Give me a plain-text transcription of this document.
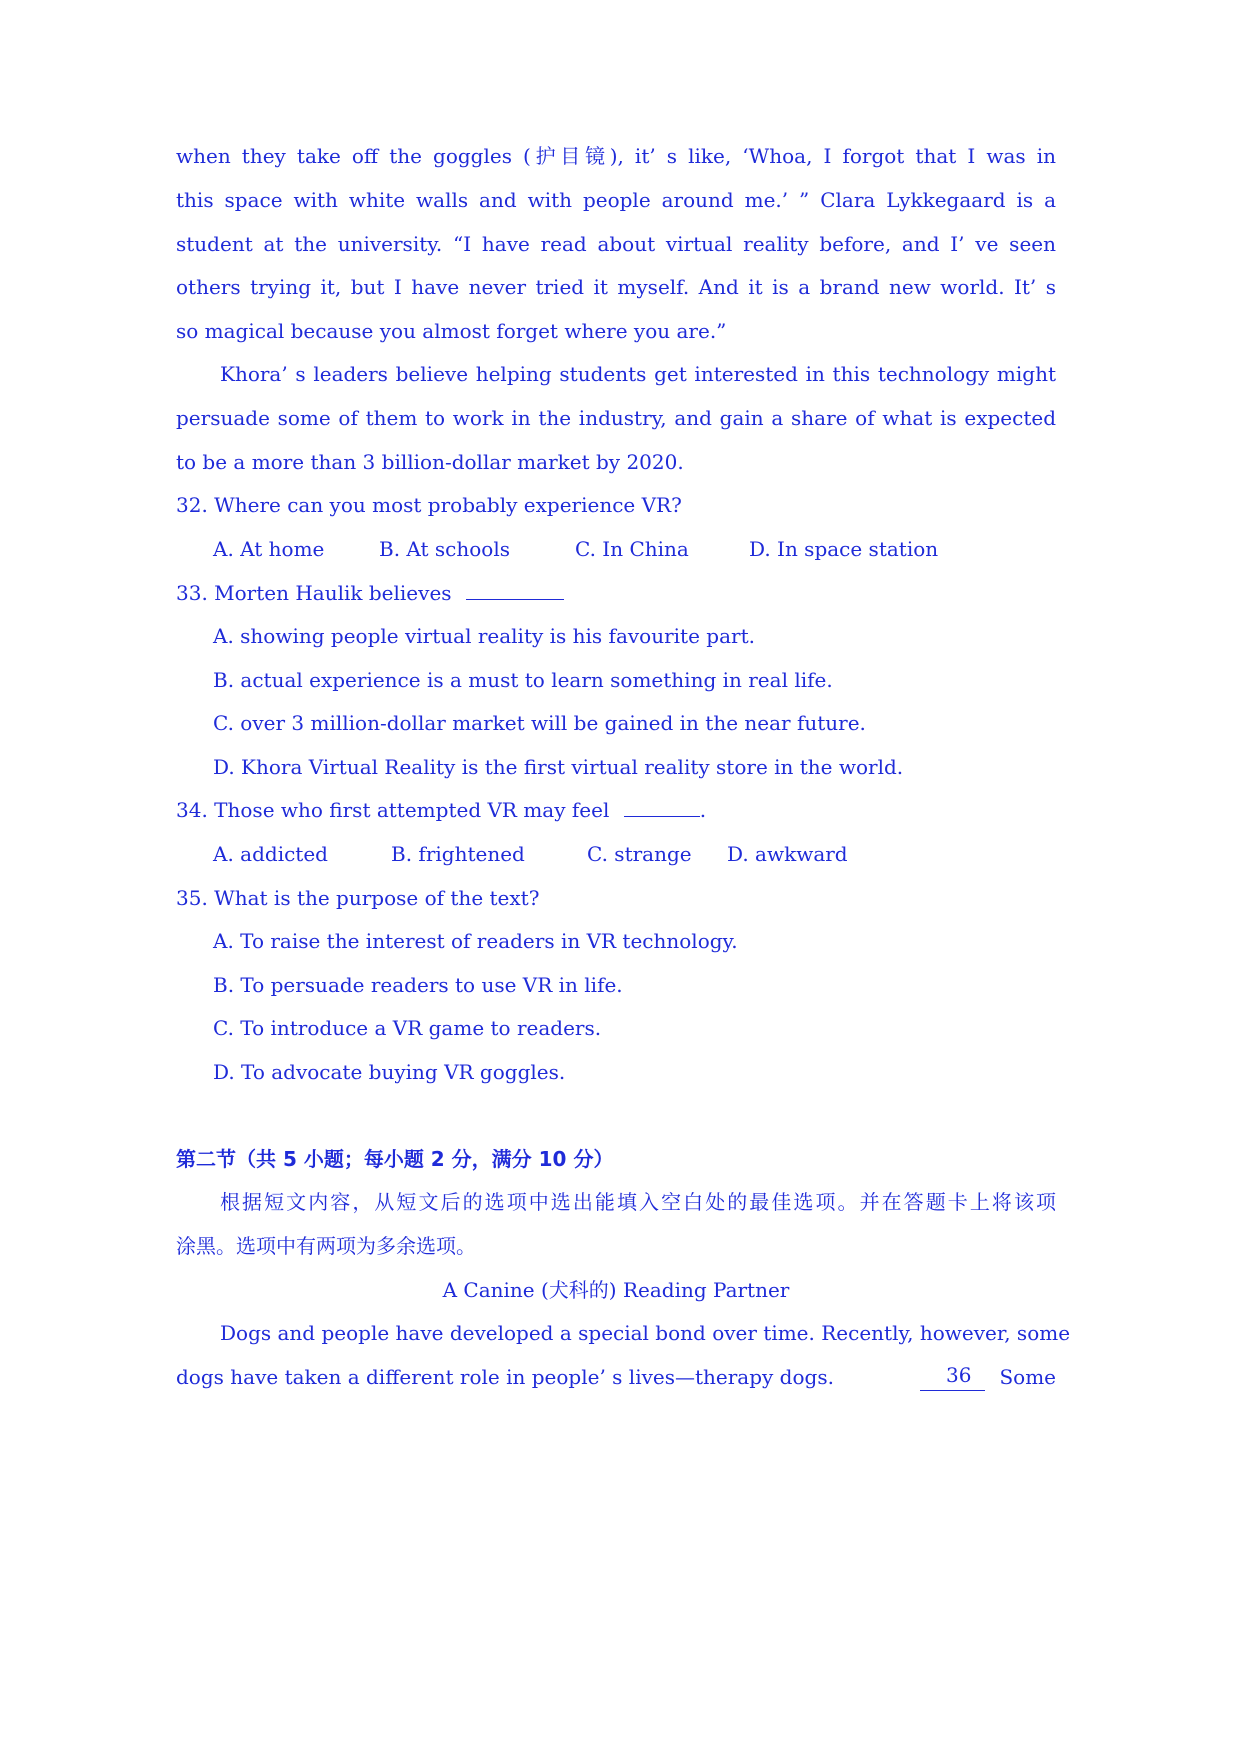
when they take off the goggles (护目镜), it’ s like, ‘Whoa, I forgot that I was in
this space with white walls and with people around me.’ ” Clara Lykkegaard is a
student at the university. “I have read about virtual reality before, and I’ ve seen
others trying it, but I have never tried it myself. And it is a brand new world. It’ s
so magical because you almost forget where you are.”
Khora’ s leaders believe helping students get interested in this technology might
persuade some of them to work in the industry, and gain a share of what is expected
to be a more than 3 billion-dollar market by 2020.
32. Where can you most probably experience VR?
A. At home	B. At schools	C. In China	D. In space station
33. Morten Haulik believes
A. showing people virtual reality is his favourite part.
B. actual experience is a must to learn something in real life.
C. over 3 million-dollar market will be gained in the near future.
D. Khora Virtual Reality is the first virtual reality store in the world.
34. Those who first attempted VR may feel	.
A. addicted	B. frightened	C. strange D. awkward
35. What is the purpose of the text?
A. To raise the interest of readers in VR technology.
B. To persuade readers to use VR in life.
C. To introduce a VR game to readers.
D. To advocate buying VR goggles.
第二节（共 5 小题；每小题 2 分，满分 10 分）
根据短文内容，从短文后的选项中选出能填入空白处的最佳选项。并在答题卡上将该项
涂黑。选项中有两项为多余选项。
A Canine (犬科的) Reading Partner
Dogs and people have developed a special bond over time. Recently, however, some
dogs have taken a different role in people’ s lives—therapy dogs.	36	Some
